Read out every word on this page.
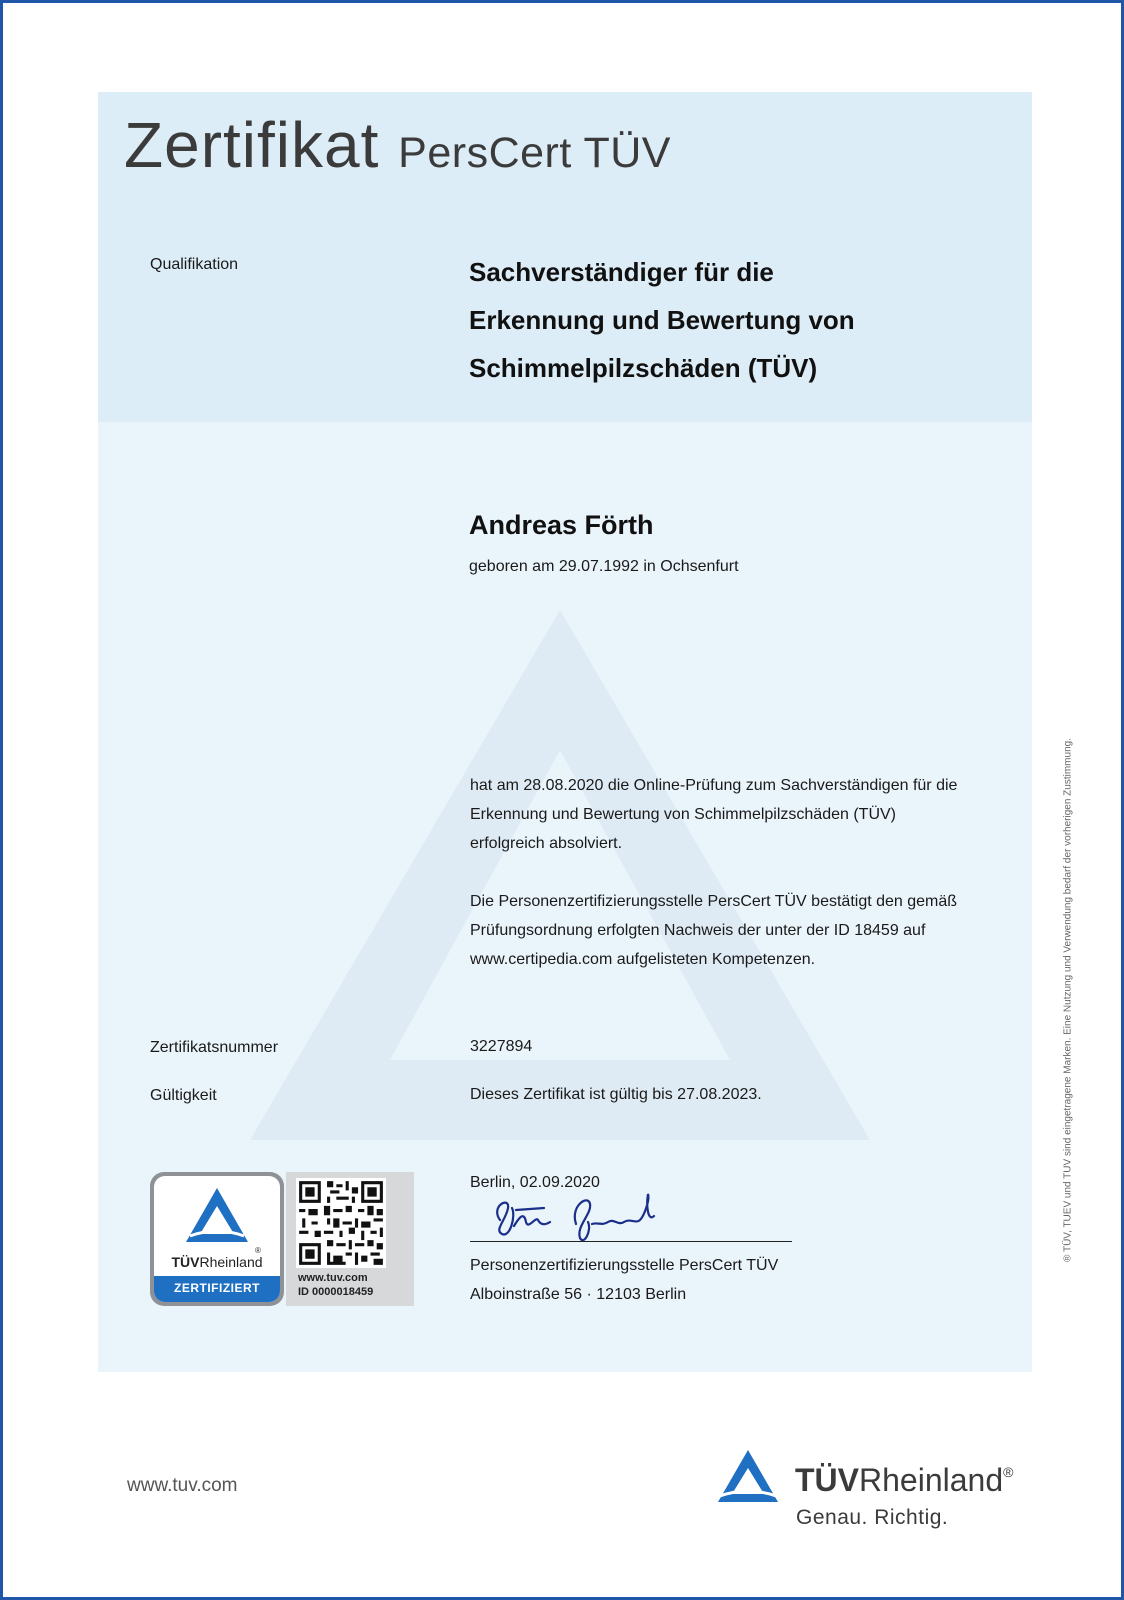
Zertifikat PersCert TÜV
Qualifikation	Sachverständiger für die
Erkennung und Bewertung von
Schimmelpilzschäden (TÜV)
Andreas Förth
geboren am 29.07.1992 in Ochsenfurt
hat am 28.08.2020 die Online-Prüfung zum Sachverständigen für die
Erkennung und Bewertung von Schimmelpilzschäden (TÜV)
erfolgreich absolviert.
Die Personenzertifizierungsstelle PersCert TÜV bestätigt den gemäß
Prüfungsordnung erfolgten Nachweis der unter der ID 18459 auf
www.certipedia.com aufgelisteten Kompetenzen.
Zertifikatsnummer	3227894
Gültigkeit	Dieses Zertifikat ist gültig bis 27.08.2023.
®
TÜVRheinland
ZERTIFIZIERT
www.tuv.com
ID 0000018459
Berlin, 02.09.2020
Personenzertifizierungsstelle PersCert TÜV
Alboinstraße 56 · 12103 Berlin
® TÜV, TUEV und TUV sind eingetragene Marken. Eine Nutzung und Verwendung bedarf der vorherigen Zustimmung.
www.tuv.com	TÜVRheinland®
Genau. Richtig.
